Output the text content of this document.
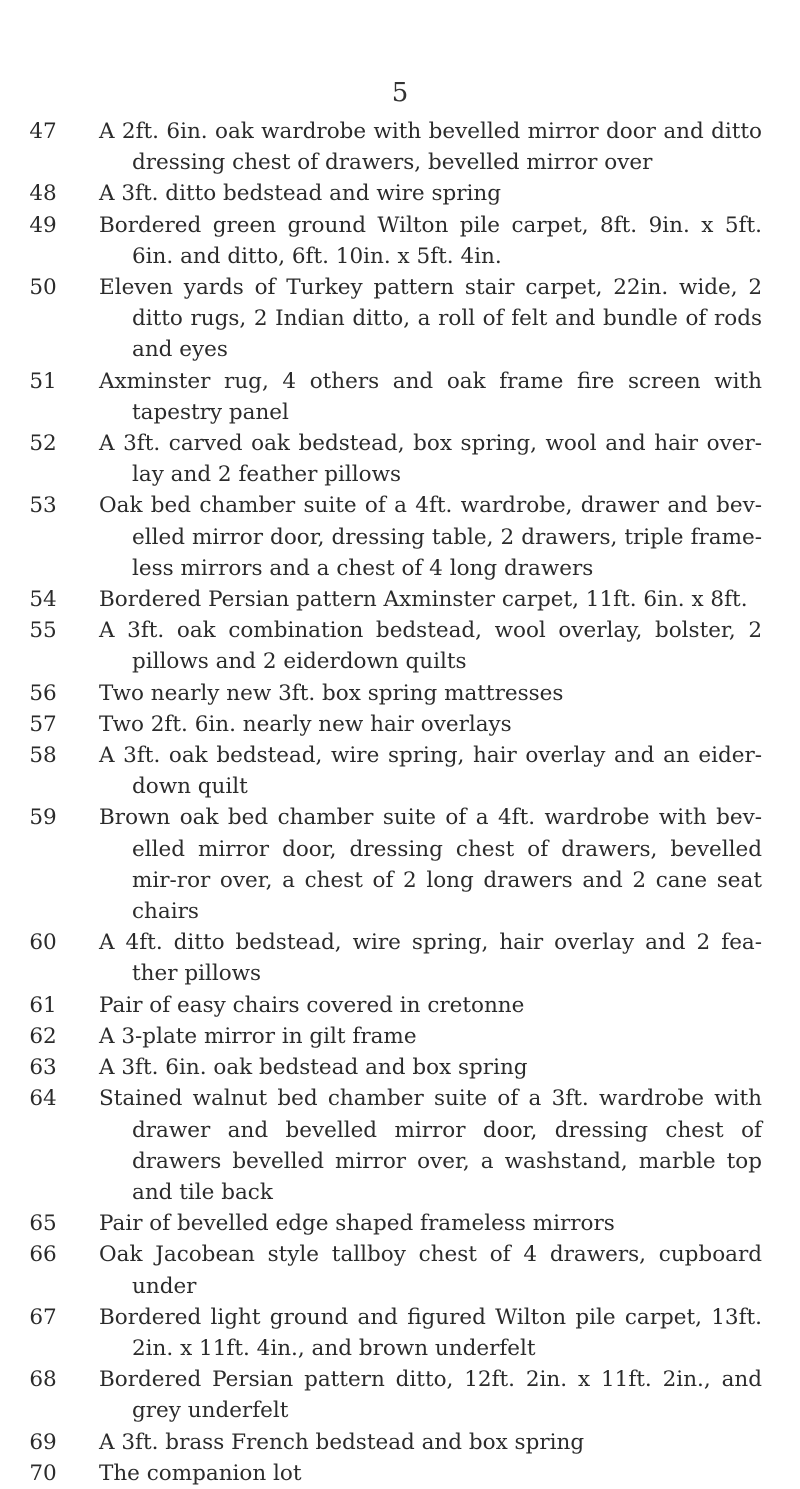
5
47	A 2ft. 6in. oak wardrobe with bevelled mirror door and ditto dressing chest of drawers, bevelled mirror over
48	A 3ft. ditto bedstead and wire spring
49	Bordered green ground Wilton pile carpet, 8ft. 9in. x 5ft. 6in. and ditto, 6ft. 10in. x 5ft. 4in.
50	Eleven yards of Turkey pattern stair carpet, 22in. wide, 2 ditto rugs, 2 Indian ditto, a roll of felt and bundle of rods and eyes
51	Axminster rug, 4 others and oak frame fire screen with tapestry panel
52	A 3ft. carved oak bedstead, box spring, wool and hair over-lay and 2 feather pillows
53	Oak bed chamber suite of a 4ft. wardrobe, drawer and bev-elled mirror door, dressing table, 2 drawers, triple frame-less mirrors and a chest of 4 long drawers
54	Bordered Persian pattern Axminster carpet, 11ft. 6in. x 8ft.
55	A 3ft. oak combination bedstead, wool overlay, bolster, 2 pillows and 2 eiderdown quilts
56	Two nearly new 3ft. box spring mattresses
57	Two 2ft. 6in. nearly new hair overlays
58	A 3ft. oak bedstead, wire spring, hair overlay and an eider-down quilt
59	Brown oak bed chamber suite of a 4ft. wardrobe with bev-elled mirror door, dressing chest of drawers, bevelled mir-ror over, a chest of 2 long drawers and 2 cane seat chairs
60	A 4ft. ditto bedstead, wire spring, hair overlay and 2 fea-ther pillows
61	Pair of easy chairs covered in cretonne
62	A 3-plate mirror in gilt frame
63	A 3ft. 6in. oak bedstead and box spring
64	Stained walnut bed chamber suite of a 3ft. wardrobe with drawer and bevelled mirror door, dressing chest of drawers bevelled mirror over, a washstand, marble top and tile back
65	Pair of bevelled edge shaped frameless mirrors
66	Oak Jacobean style tallboy chest of 4 drawers, cupboard under
67	Bordered light ground and figured Wilton pile carpet, 13ft. 2in. x 11ft. 4in., and brown underfelt
68	Bordered Persian pattern ditto, 12ft. 2in. x 11ft. 2in., and grey underfelt
69	A 3ft. brass French bedstead and box spring
70	The companion lot
